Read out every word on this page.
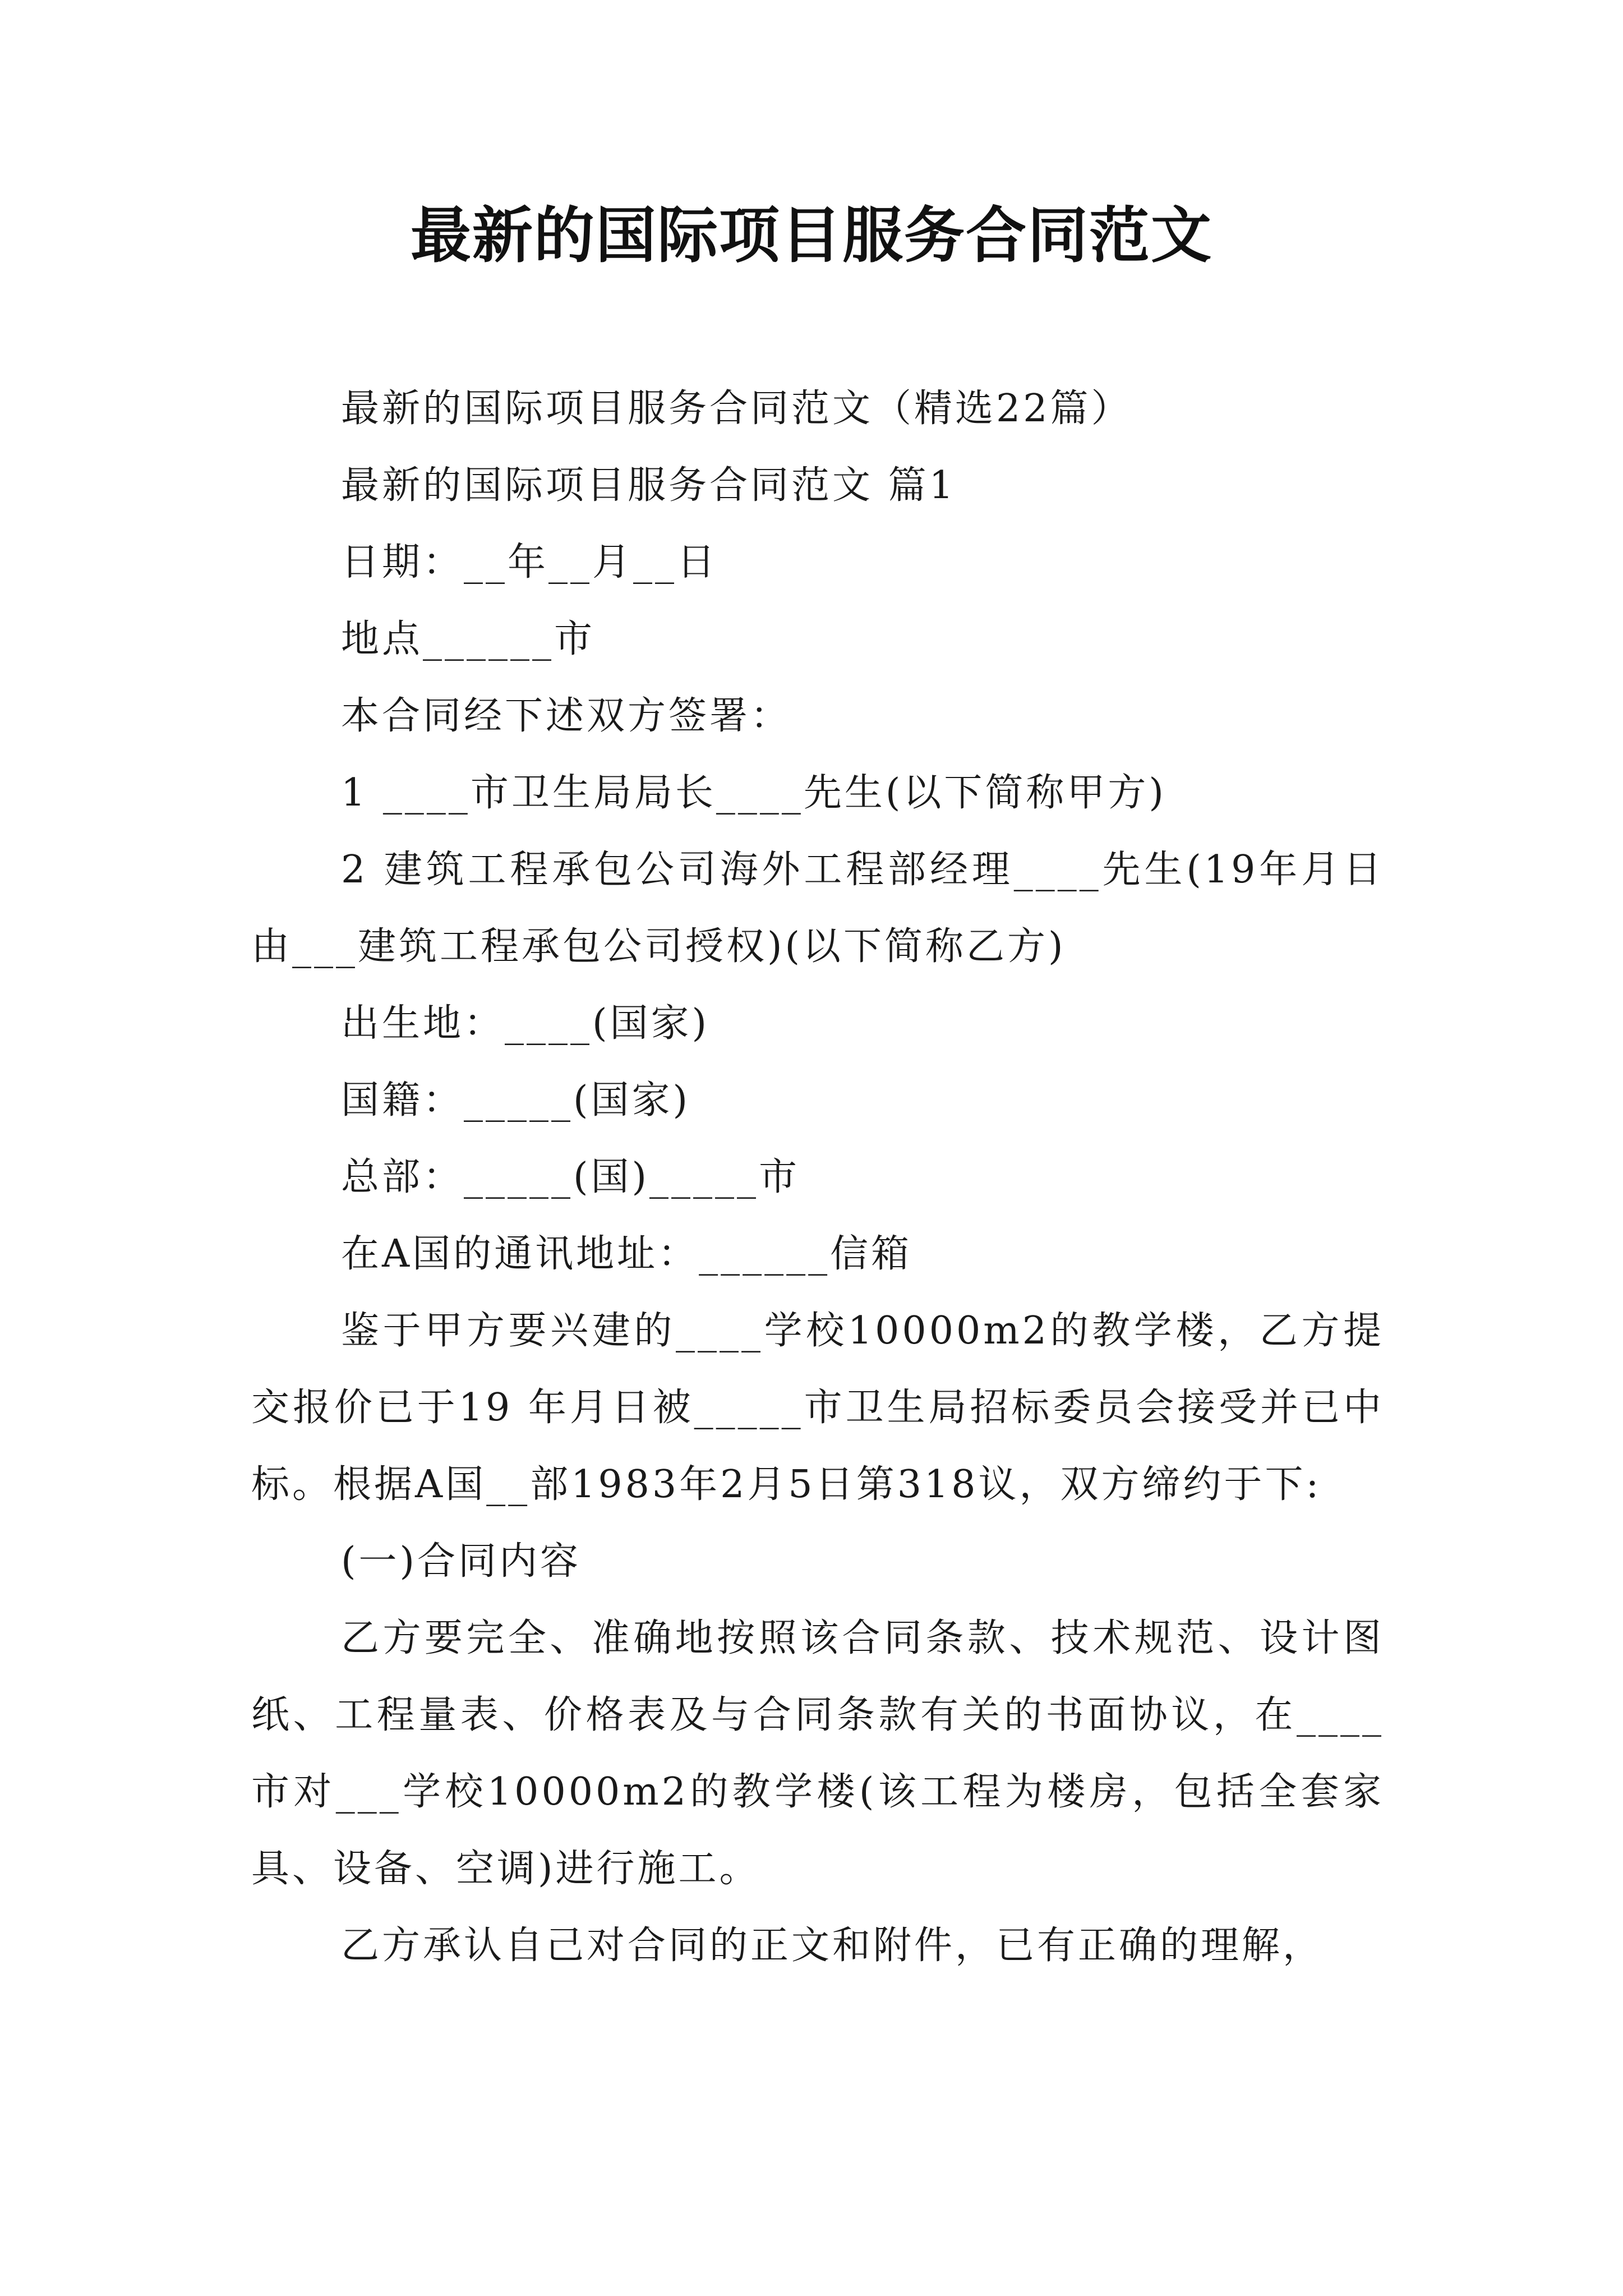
最新的国际项目服务合同范文

最新的国际项目服务合同范文（精选22篇）

最新的国际项目服务合同范文 篇1

日期：__年__月__日

地点______市

本合同经下述双方签署：

1 ____市卫生局局长____先生(以下简称甲方)

2 建筑工程承包公司海外工程部经理____先生(19年月日由___建筑工程承包公司授权)(以下简称乙方)

出生地：____(国家)

国籍：_____(国家)

总部：_____(国)_____市

在A国的通讯地址：______信箱

鉴于甲方要兴建的____学校10000m2的教学楼，乙方提交报价已于19 年月日被_____市卫生局招标委员会接受并已中标。根据A国__部1983年2月5日第318议，双方缔约于下:

(一)合同内容

乙方要完全、准确地按照该合同条款、技术规范、设计图纸、工程量表、价格表及与合同条款有关的书面协议，在____市对___学校10000m2的教学楼(该工程为楼房，包括全套家具、设备、空调)进行施工。

乙方承认自己对合同的正文和附件，已有正确的理解，
